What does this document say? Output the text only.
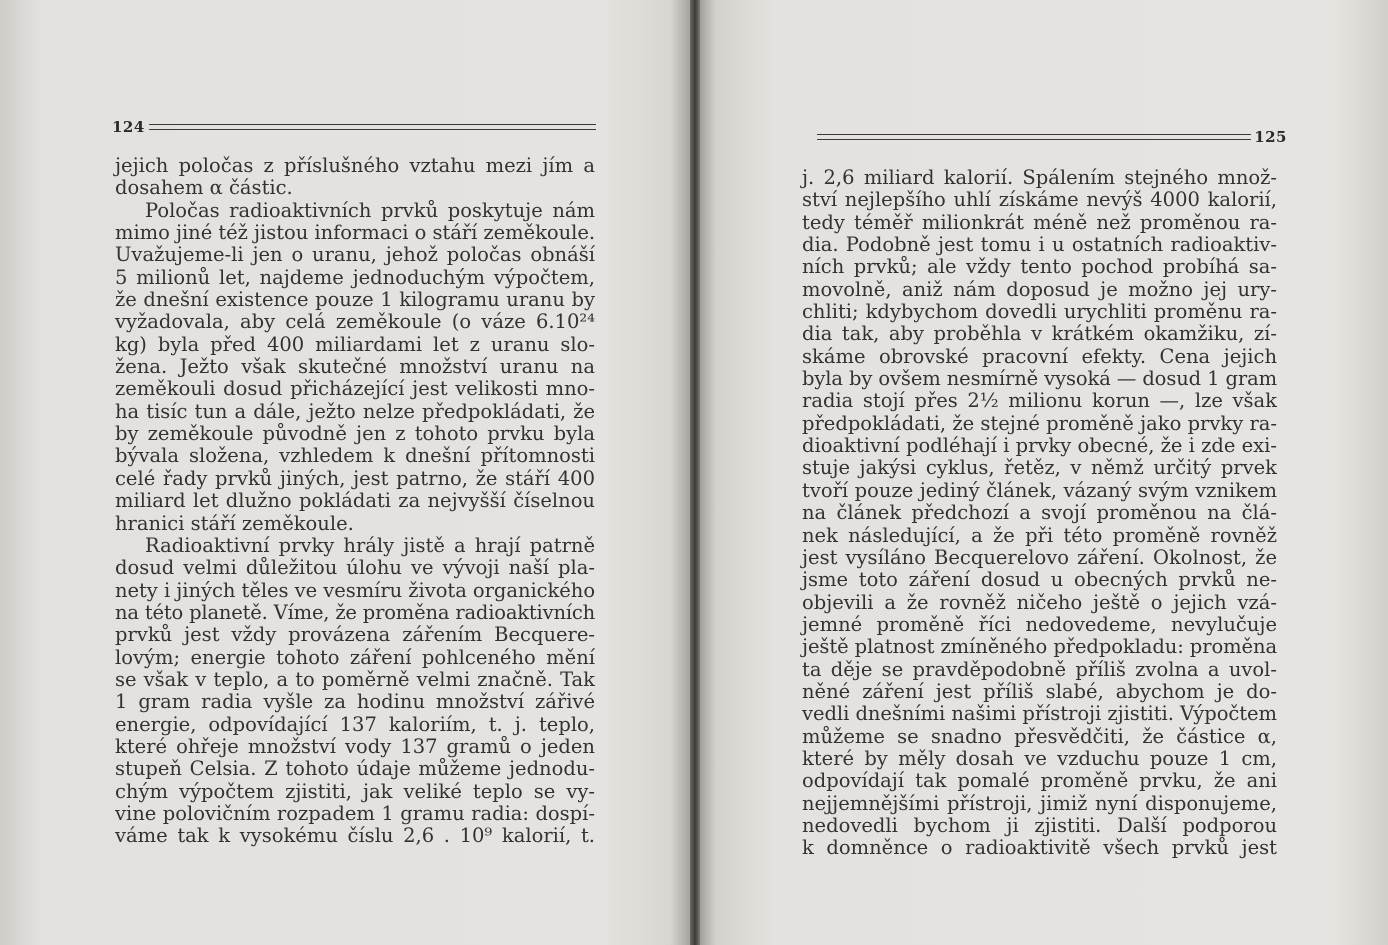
124
jejich poločas z příslušného vztahu mezi jím a
dosahem α částic.
Poločas radioaktivních prvků poskytuje nám
mimo jiné též jistou informaci o stáří zeměkoule.
Uvažujeme-li jen o uranu, jehož poločas obnáší
5 milionů let, najdeme jednoduchým výpočtem,
že dnešní existence pouze 1 kilogramu uranu by
vyžadovala, aby celá zeměkoule (o váze 6.10²⁴
kg) byla před 400 miliardami let z uranu slo-
žena. Ježto však skutečné množství uranu na
zeměkouli dosud přicházející jest velikosti mno-
ha tisíc tun a dále, ježto nelze předpokládati, že
by zeměkoule původně jen z tohoto prvku byla
bývala složena, vzhledem k dnešní přítomnosti
celé řady prvků jiných, jest patrno, že stáří 400
miliard let dlužno pokládati za nejvyšší číselnou
hranici stáří zeměkoule.
Radioaktivní prvky hrály jistě a hrají patrně
dosud velmi důležitou úlohu ve vývoji naší pla-
nety i jiných těles ve vesmíru života organického
na této planetě. Víme, že proměna radioaktivních
prvků jest vždy provázena zářením Becquere-
lovým; energie tohoto záření pohlceného mění
se však v teplo, a to poměrně velmi značně. Tak
1 gram radia vyšle za hodinu množství zářivé
energie, odpovídající 137 kaloriím, t. j. teplo,
které ohřeje množství vody 137 gramů o jeden
stupeň Celsia. Z tohoto údaje můžeme jednodu-
chým výpočtem zjistiti, jak veliké teplo se vy-
vine polovičním rozpadem 1 gramu radia: dospí-
váme tak k vysokému číslu 2,6 . 10⁹ kalorií, t.
125
j. 2,6 miliard kalorií. Spálením stejného množ-
ství nejlepšího uhlí získáme nevýš 4000 kalorií,
tedy téměř milionkrát méně než proměnou ra-
dia. Podobně jest tomu i u ostatních radioaktiv-
ních prvků; ale vždy tento pochod probíhá sa-
movolně, aniž nám doposud je možno jej ury-
chliti; kdybychom dovedli urychliti proměnu ra-
dia tak, aby proběhla v krátkém okamžiku, zí-
skáme obrovské pracovní efekty. Cena jejich
byla by ovšem nesmírně vysoká — dosud 1 gram
radia stojí přes 2½ milionu korun —, lze však
předpokládati, že stejné proměně jako prvky ra-
dioaktivní podléhají i prvky obecné, že i zde exi-
stuje jakýsi cyklus, řetěz, v němž určitý prvek
tvoří pouze jediný článek, vázaný svým vznikem
na článek předchozí a svojí proměnou na člá-
nek následující, a že při této proměně rovněž
jest vysíláno Becquerelovo záření. Okolnost, že
jsme toto záření dosud u obecných prvků ne-
objevili a že rovněž ničeho ještě o jejich vzá-
jemné proměně říci nedovedeme, nevylučuje
ještě platnost zmíněného předpokladu: proměna
ta děje se pravděpodobně příliš zvolna a uvol-
něné záření jest příliš slabé, abychom je do-
vedli dnešními našimi přístroji zjistiti. Výpočtem
můžeme se snadno přesvědčiti, že částice α,
které by měly dosah ve vzduchu pouze 1 cm,
odpovídají tak pomalé proměně prvku, že ani
nejjemnějšími přístroji, jimiž nyní disponujeme,
nedovedli bychom ji zjistiti. Další podporou
k domněnce o radioaktivitě všech prvků jest
